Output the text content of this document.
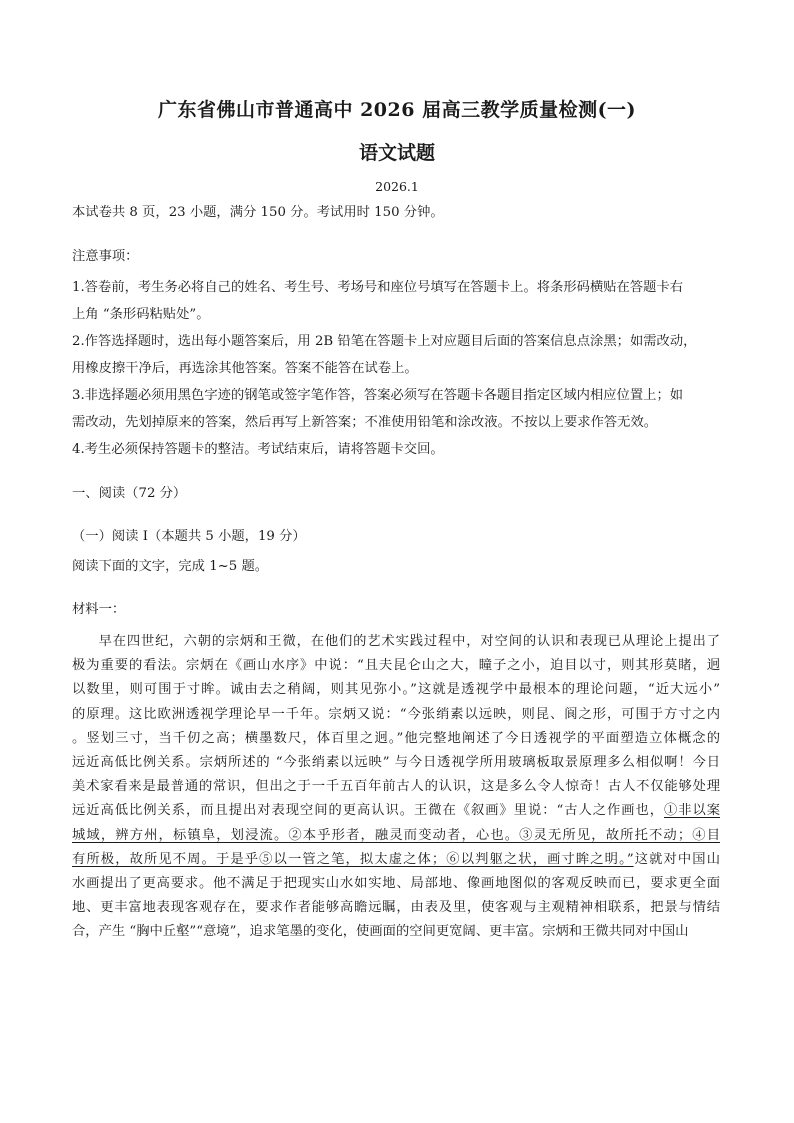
广东省佛山市普通高中 2026 届高三教学质量检测(一)
语文试题
2026.1
本试卷共 8 页，23 小题，满分 150 分。考试用时 150 分钟。
注意事项：
1.答卷前，考生务必将自己的姓名、考生号、考场号和座位号填写在答题卡上。将条形码横贴在答题卡右
上角 “条形码粘贴处”。
2.作答选择题时，选出每小题答案后，用 2B 铅笔在答题卡上对应题目后面的答案信息点涂黑；如需改动，
用橡皮擦干净后，再选涂其他答案。答案不能答在试卷上。
3.非选择题必须用黑色字迹的钢笔或签字笔作答，答案必须写在答题卡各题目指定区域内相应位置上；如
需改动，先划掉原来的答案，然后再写上新答案；不准使用铅笔和涂改液。不按以上要求作答无效。
4.考生必须保持答题卡的整洁。考试结束后，请将答题卡交回。
一、阅读（72 分）
（一）阅读 I（本题共 5 小题，19 分）
阅读下面的文字，完成 1~5 题。
材料一：
早在四世纪，六朝的宗炳和王微，在他们的艺术实践过程中，对空间的认识和表现已从理论上提出了
极为重要的看法。宗炳在《画山水序》中说：“且夫昆仑山之大，瞳子之小，迫目以寸，则其形莫睹，迥
以数里，则可围于寸眸。诚由去之稍阔，则其见弥小。”这就是透视学中最根本的理论问题，“近大远小”
的原理。这比欧洲透视学理论早一千年。宗炳又说：“今张绡素以远映，则昆、阆之形，可围于方寸之内
。竖划三寸，当千仞之高；横墨数尺，体百里之迥。”他完整地阐述了今日透视学的平面塑造立体概念的
远近高低比例关系。宗炳所述的 “今张绡素以远映” 与今日透视学所用玻璃板取景原理多么相似啊！今日
美术家看来是最普通的常识，但出之于一千五百年前古人的认识，这是多么令人惊奇！古人不仅能够处理
远近高低比例关系，而且提出对表现空间的更高认识。王微在《叙画》里说：“古人之作画也，①非以案
城域，辨方州，标镇阜，划浸流。②本乎形者，融灵而变动者，心也。③灵无所见，故所托不动；④目
有所极，故所见不周。于是乎⑤以一管之笔，拟太虚之体；⑥以判躯之状，画寸眸之明。”这就对中国山
水画提出了更高要求。他不满足于把现实山水如实地、局部地、像画地图似的客观反映而已，要求更全面
地、更丰富地表现客观存在，要求作者能够高瞻远瞩，由表及里，使客观与主观精神相联系，把景与情结
合，产生 “胸中丘壑”“意境”，追求笔墨的变化，使画面的空间更宽阔、更丰富。宗炳和王微共同对中国山
